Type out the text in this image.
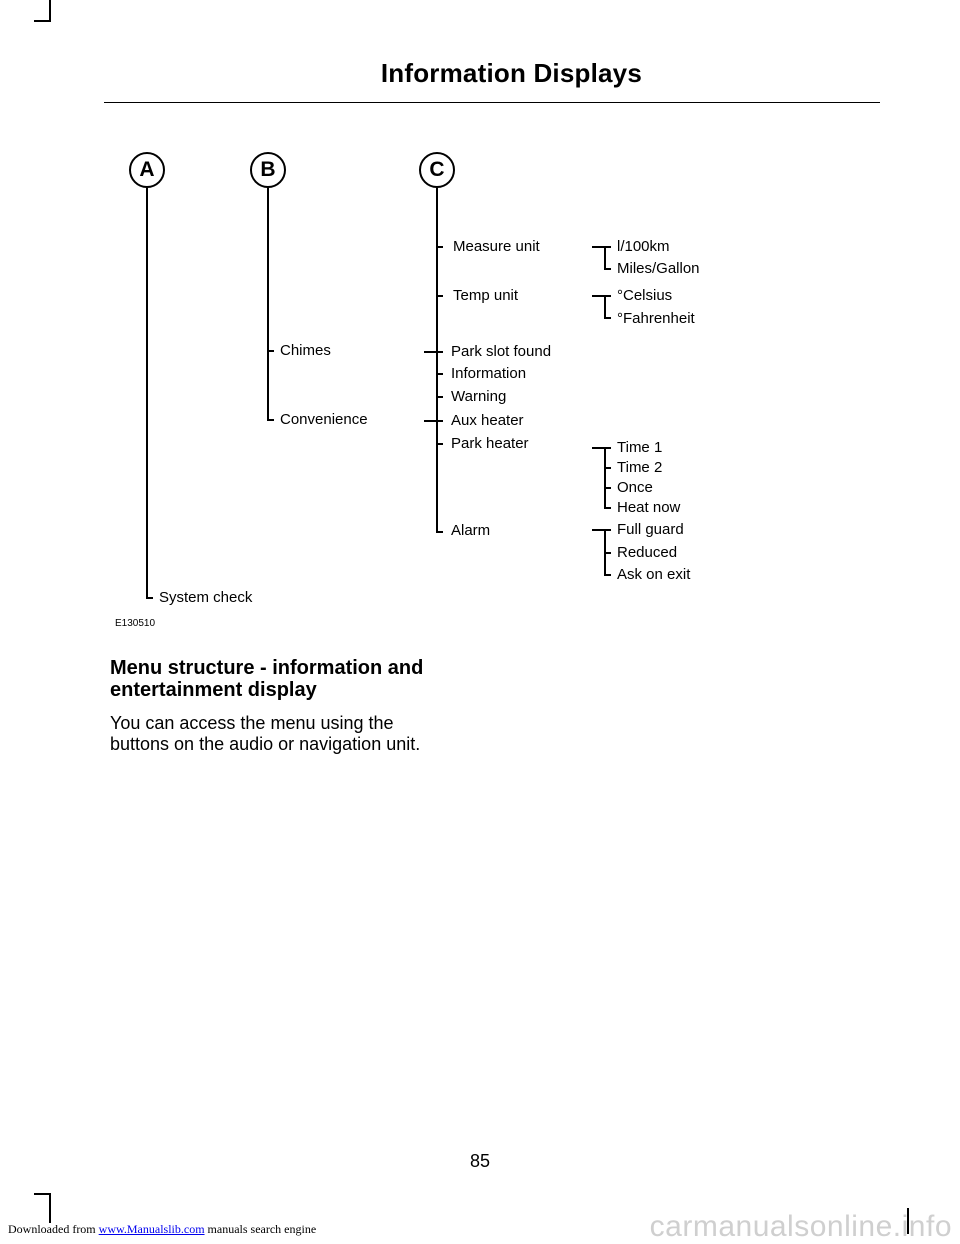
Information Displays
A	B	C
System check
Chimes
Convenience
Measure unit
Temp unit
Park slot found
Information
Warning
Aux heater
Park heater
Alarm
l/100km
Miles/Gallon
°Celsius
°Fahrenheit
Time 1
Time 2
Once
Heat now
Full guard
Reduced
Ask on exit
E130510
Menu structure - information and
entertainment display
You can access the menu using the
buttons on the audio or navigation unit.
85
Downloaded from www.Manualslib.com manuals search engine	carmanualsonline.info
